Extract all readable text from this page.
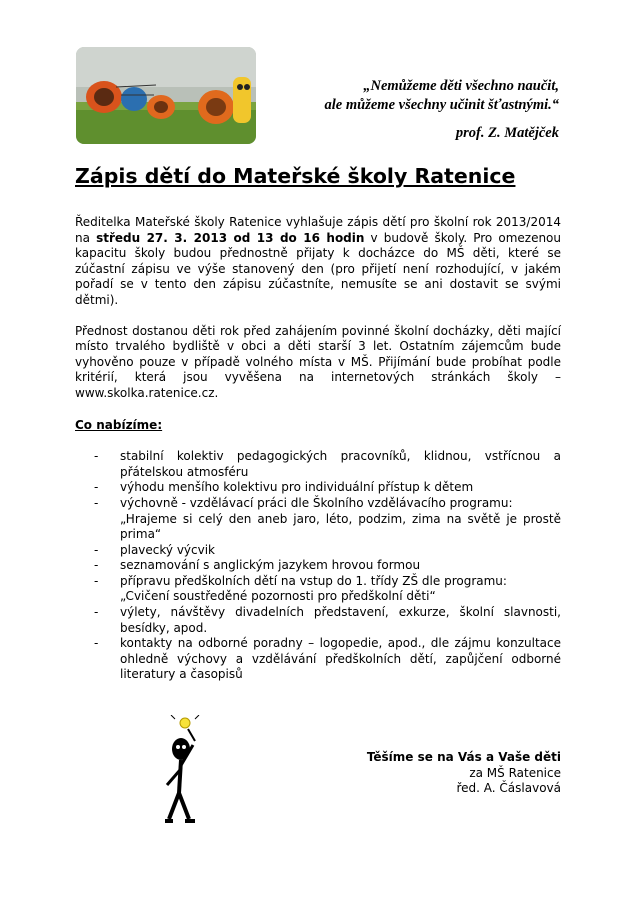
„Nemůžeme děti všechno naučit,
ale můžeme všechny učinit šťastnými.“
prof. Z. Matějček
Zápis dětí do Mateřské školy Ratenice

Ředitelka Mateřské školy Ratenice vyhlašuje zápis dětí pro školní rok 2013/2014 na středu 27. 3. 2013 od 13 do 16 hodin v budově školy. Pro omezenou kapacitu školy budou přednostně přijaty k docházce do MŠ děti, které se zúčastní zápisu ve výše stanovený den (pro přijetí není rozhodující, v jakém pořadí se v tento den zápisu zúčastníte, nemusíte se ani dostavit se svými dětmi).

Přednost dostanou děti rok před zahájením povinné školní docházky, děti mající místo trvalého bydliště v obci a děti starší 3 let. Ostatním zájemcům bude vyhověno pouze v případě volného místa v MŠ. Přijímání bude probíhat podle kritérií, která jsou vyvěšena na internetových stránkách školy – www.skolka.ratenice.cz.

Co nabízíme:
- stabilní kolektiv pedagogických pracovníků, klidnou, vstřícnou a přátelskou atmosféru
- výhodu menšího kolektivu pro individuální přístup k dětem
- výchovně - vzdělávací práci dle Školního vzdělávacího programu:
„Hrajeme si celý den aneb jaro, léto, podzim, zima na světě je prostě prima“
- plavecký výcvik
- seznamování s anglickým jazykem hrovou formou
- přípravu předškolních dětí na vstup do 1. třídy ZŠ dle programu:
„Cvičení soustředěné pozornosti pro předškolní děti“
- výlety, návštěvy divadelních představení, exkurze, školní slavnosti, besídky, apod.
- kontakty na odborné poradny – logopedie, apod., dle zájmu konzultace ohledně výchovy a vzdělávání předškolních dětí, zapůjčení odborné literatury a časopisů
Těšíme se na Vás a Vaše děti
za MŠ Ratenice
řed. A. Čáslavová
